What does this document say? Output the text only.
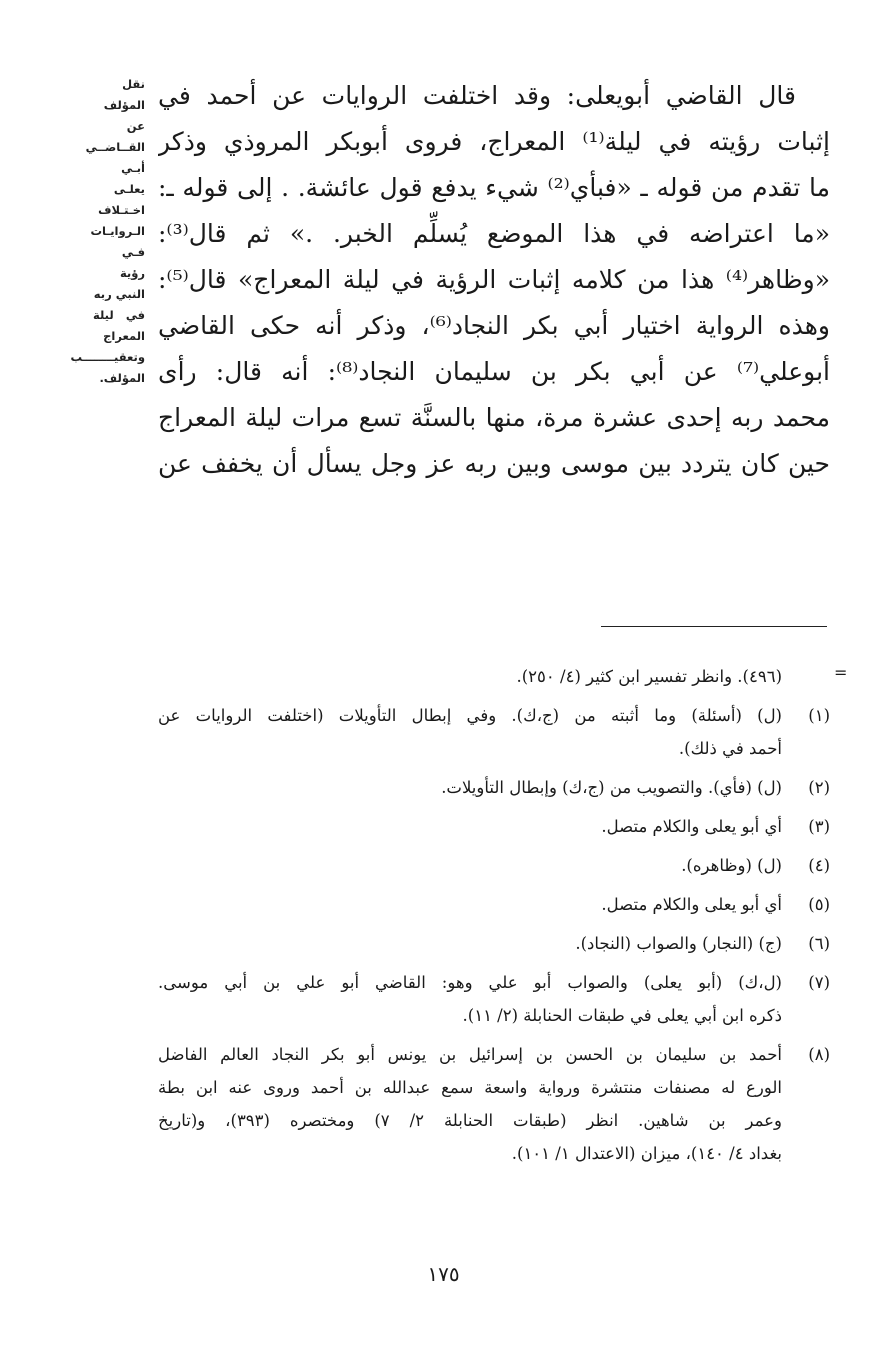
نقل المؤلف عن
القــاضــي أبـي
يعلـى اخـتـلاف
الـروايـات فـي
رؤية النبي ربه
في ليلة المعراج
وتعقيــــــــب
المؤلف.
قال القاضي أبويعلى: وقد اختلفت الروايات عن أحمد في
إثبات رؤيته في ليلة⁽¹⁾ المعراج، فروى أبوبكر المروذي وذكر
ما تقدم من قوله ـ «فبأي⁽²⁾ شيء يدفع قول عائشة. . إلى قوله ـ:
«ما اعتراضه في هذا الموضع يُسلِّم الخبر. .» ثم قال⁽³⁾:
«وظاهر⁽⁴⁾ هذا من كلامه إثبات الرؤية في ليلة المعراج» قال⁽⁵⁾:
وهذه الرواية اختيار أبي بكر النجاد⁽⁶⁾، وذكر أنه حكى القاضي
أبوعلي⁽⁷⁾ عن أبي بكر بن سليمان النجاد⁽⁸⁾: أنه قال: رأى
محمد ربه إحدى عشرة مرة، منها بالسنَّة تسع مرات ليلة المعراج
حين كان يتردد بين موسى وبين ربه عز وجل يسأل أن يخفف عن
=
(٤٩٦). وانظر تفسير ابن كثير (٤/ ٢٥٠).
(١)
(ل) (أسئلة) وما أثبته من (ج،ك). وفي إبطال التأويلات (اختلفت الروايات عن
أحمد في ذلك).
(٢)
(ل) (فأي). والتصويب من (ج،ك) وإبطال التأويلات.
(٣)
أي أبو يعلى والكلام متصل.
(٤)
(ل) (وظاهره).
(٥)
أي أبو يعلى والكلام متصل.
(٦)
(ج) (النجار) والصواب (النجاد).
(٧)
(ل،ك) (أبو يعلى) والصواب أبو علي وهو: القاضي أبو علي بن أبي موسى.
ذكره ابن أبي يعلى في طبقات الحنابلة (٢/ ١١).
(٨)
أحمد بن سليمان بن الحسن بن إسرائيل بن يونس أبو بكر النجاد العالم الفاضل
الورع له مصنفات منتشرة ورواية واسعة سمع عبدالله بن أحمد وروى عنه ابن بطة
وعمر بن شاهين. انظر (طبقات الحنابلة ٢/ ٧) ومختصره (٣٩٣)، و(تاريخ
بغداد ٤/ ١٤٠)، ميزان (الاعتدال ١/ ١٠١).
١٧٥
